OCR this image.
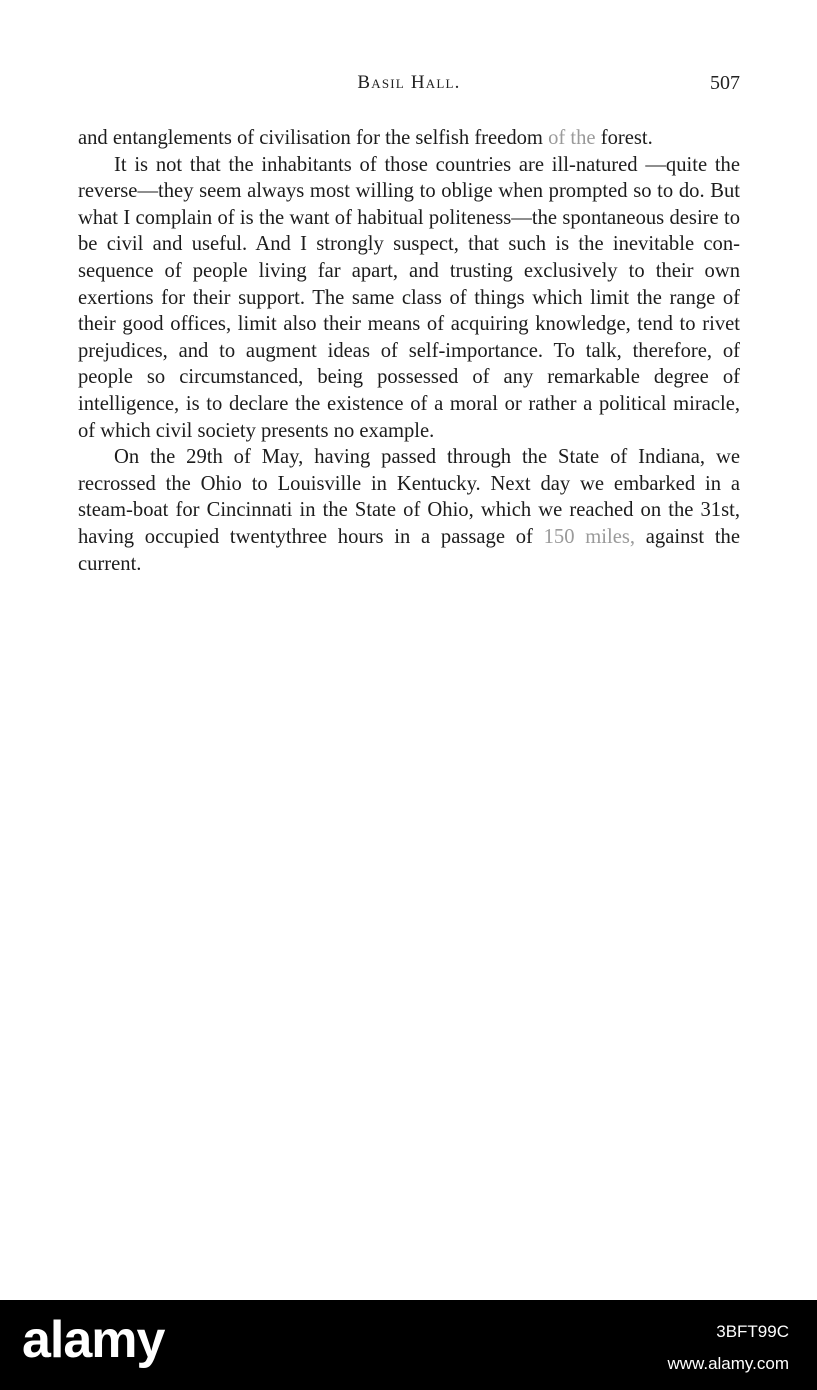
Basil Hall.	507

and entanglements of civilisation for the selfish freedom of the forest.

It is not that the inhabitants of those countries are ill-natured —quite the reverse—they seem always most willing to oblige when prompted so to do. But what I complain of is the want of habitual politeness—the spontaneous desire to be civil and useful. And I strongly suspect, that such is the inevitable consequence of people living far apart, and trusting exclusively to their own exertions for their support. The same class of things which limit the range of their good offices, limit also their means of acquiring knowledge, tend to rivet prejudices, and to augment ideas of self-importance. To talk, therefore, of people so circumstanced, being possessed of any remarkable degree of intelligence, is to declare the existence of a moral or rather a political miracle, of which civil society presents no example.

On the 29th of May, having passed through the State of Indiana, we recrossed the Ohio to Louisville in Kentucky. Next day we embarked in a steam-boat for Cincinnati in the State of Ohio, which we reached on the 31st, having occupied twentythree hours in a passage of 150 miles, against the current.

alamy	3BFT99C
www.alamy.com
